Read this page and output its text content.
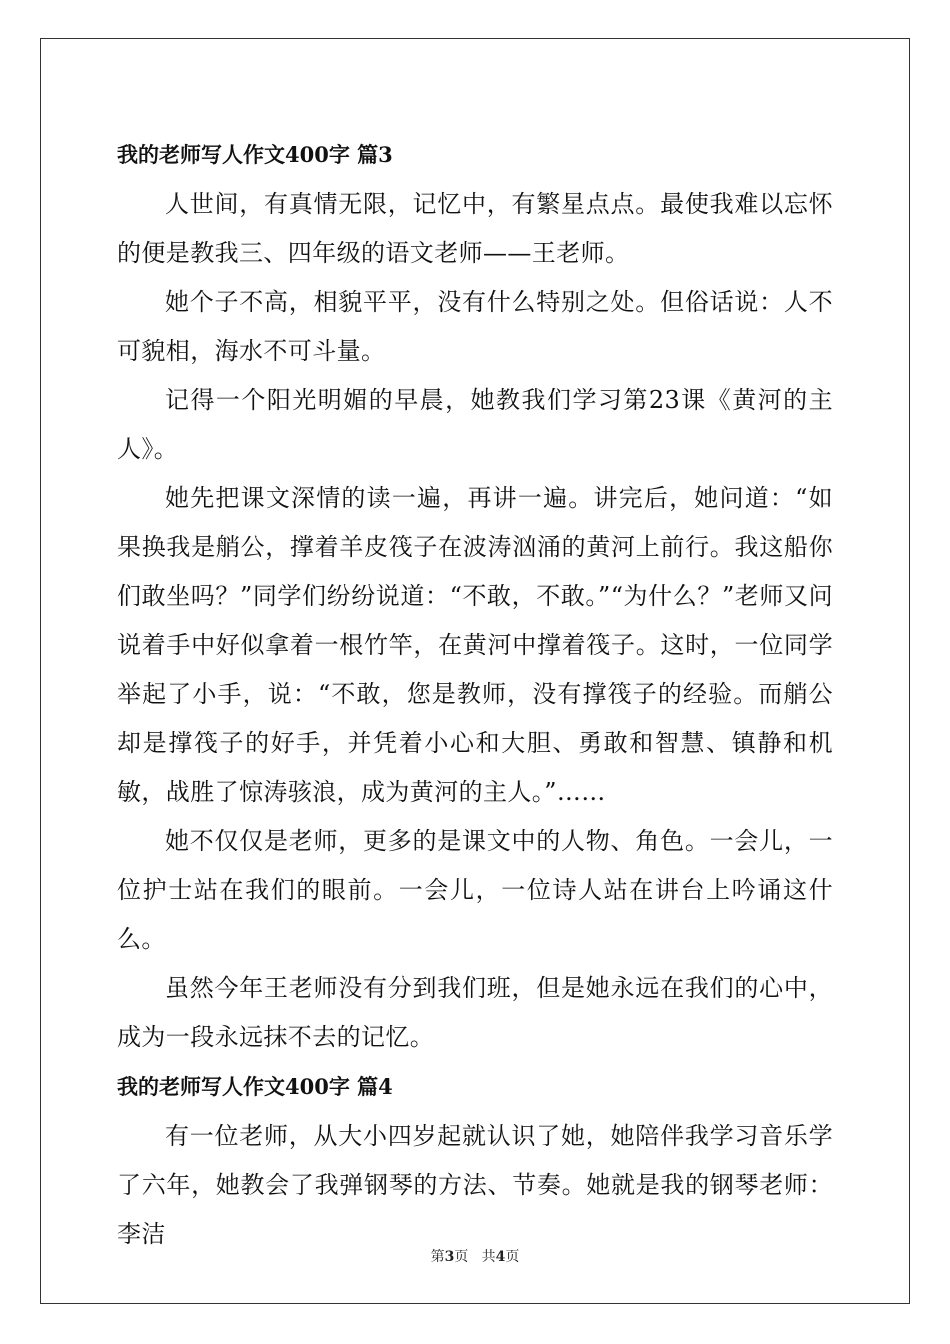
我的老师写人作文400字 篇3

人世间，有真情无限，记忆中，有繁星点点。最使我难以忘怀的便是教我三、四年级的语文老师——王老师。

她个子不高，相貌平平，没有什么特别之处。但俗话说：人不可貌相，海水不可斗量。

记得一个阳光明媚的早晨，她教我们学习第23课《黄河的主人》。

她先把课文深情的读一遍，再讲一遍。讲完后，她问道：“如果换我是艄公，撑着羊皮筏子在波涛汹涌的黄河上前行。我这船你们敢坐吗？”同学们纷纷说道：“不敢，不敢。”“为什么？”老师又问说着手中好似拿着一根竹竿，在黄河中撑着筏子。这时，一位同学举起了小手，说：“不敢，您是教师，没有撑筏子的经验。而艄公却是撑筏子的好手，并凭着小心和大胆、勇敢和智慧、镇静和机敏，战胜了惊涛骇浪，成为黄河的主人。”……

她不仅仅是老师，更多的是课文中的人物、角色。一会儿，一位护士站在我们的眼前。一会儿，一位诗人站在讲台上吟诵这什么。

虽然今年王老师没有分到我们班，但是她永远在我们的心中，成为一段永远抹不去的记忆。

我的老师写人作文400字 篇4

有一位老师，从大小四岁起就认识了她，她陪伴我学习音乐学了六年，她教会了我弹钢琴的方法、节奏。她就是我的钢琴老师：李洁

第3页 共4页
